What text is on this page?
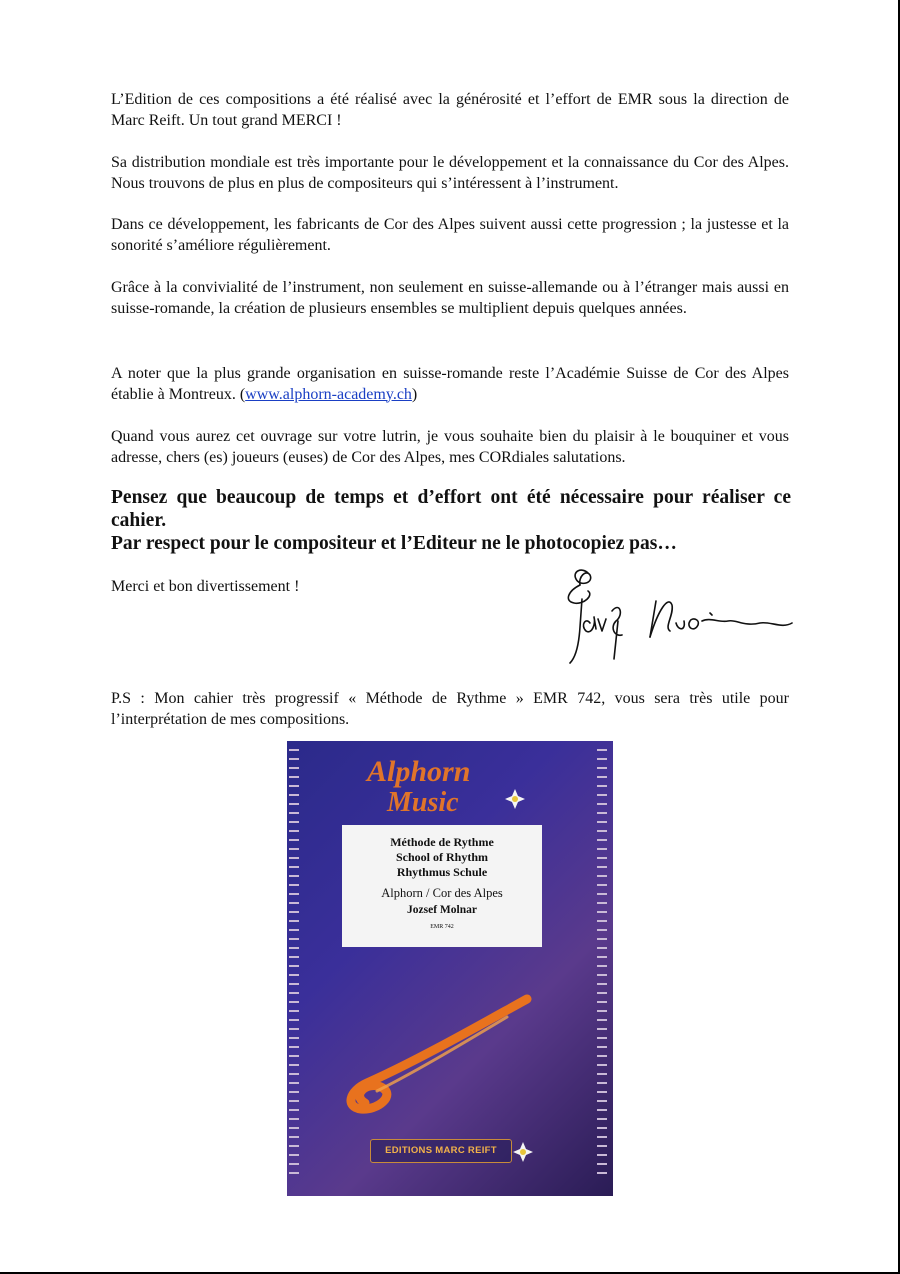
L’Edition de ces compositions a été réalisé avec la générosité et l’effort de EMR sous la direction de Marc Reift. Un tout grand MERCI !
Sa distribution mondiale est très importante pour le développement et la connaissance du Cor des Alpes. Nous trouvons de plus en plus de compositeurs qui s’intéressent à l’instrument.
Dans ce développement, les fabricants de Cor des Alpes suivent aussi cette progression ; la justesse et la sonorité s’améliore régulièrement.
Grâce à la convivialité de l’instrument, non seulement en suisse-allemande ou à l’étranger mais aussi en suisse-romande, la création de plusieurs ensembles se multiplient depuis quelques années.
A noter que la plus grande organisation en suisse-romande reste l’Académie Suisse de Cor des Alpes établie à Montreux. (www.alphorn-academy.ch)
Quand vous aurez cet ouvrage sur votre lutrin, je vous souhaite bien du plaisir à le bouquiner et vous adresse, chers (es) joueurs (euses) de Cor des Alpes, mes CORdiales salutations.
Pensez que beaucoup de temps et d’effort ont été nécessaire pour réaliser ce cahier.
Par respect pour le compositeur et l’Editeur ne le photocopiez pas…
Merci et bon divertissement !
P.S : Mon cahier très progressif « Méthode de Rythme » EMR 742, vous sera très utile pour l’interprétation de mes compositions.
Alphorn
Music
Méthode de Rythme
School of Rhythm
Rhythmus Schule
Alphorn / Cor des Alpes
Jozsef Molnar
EMR 742
EDITIONS MARC REIFT
